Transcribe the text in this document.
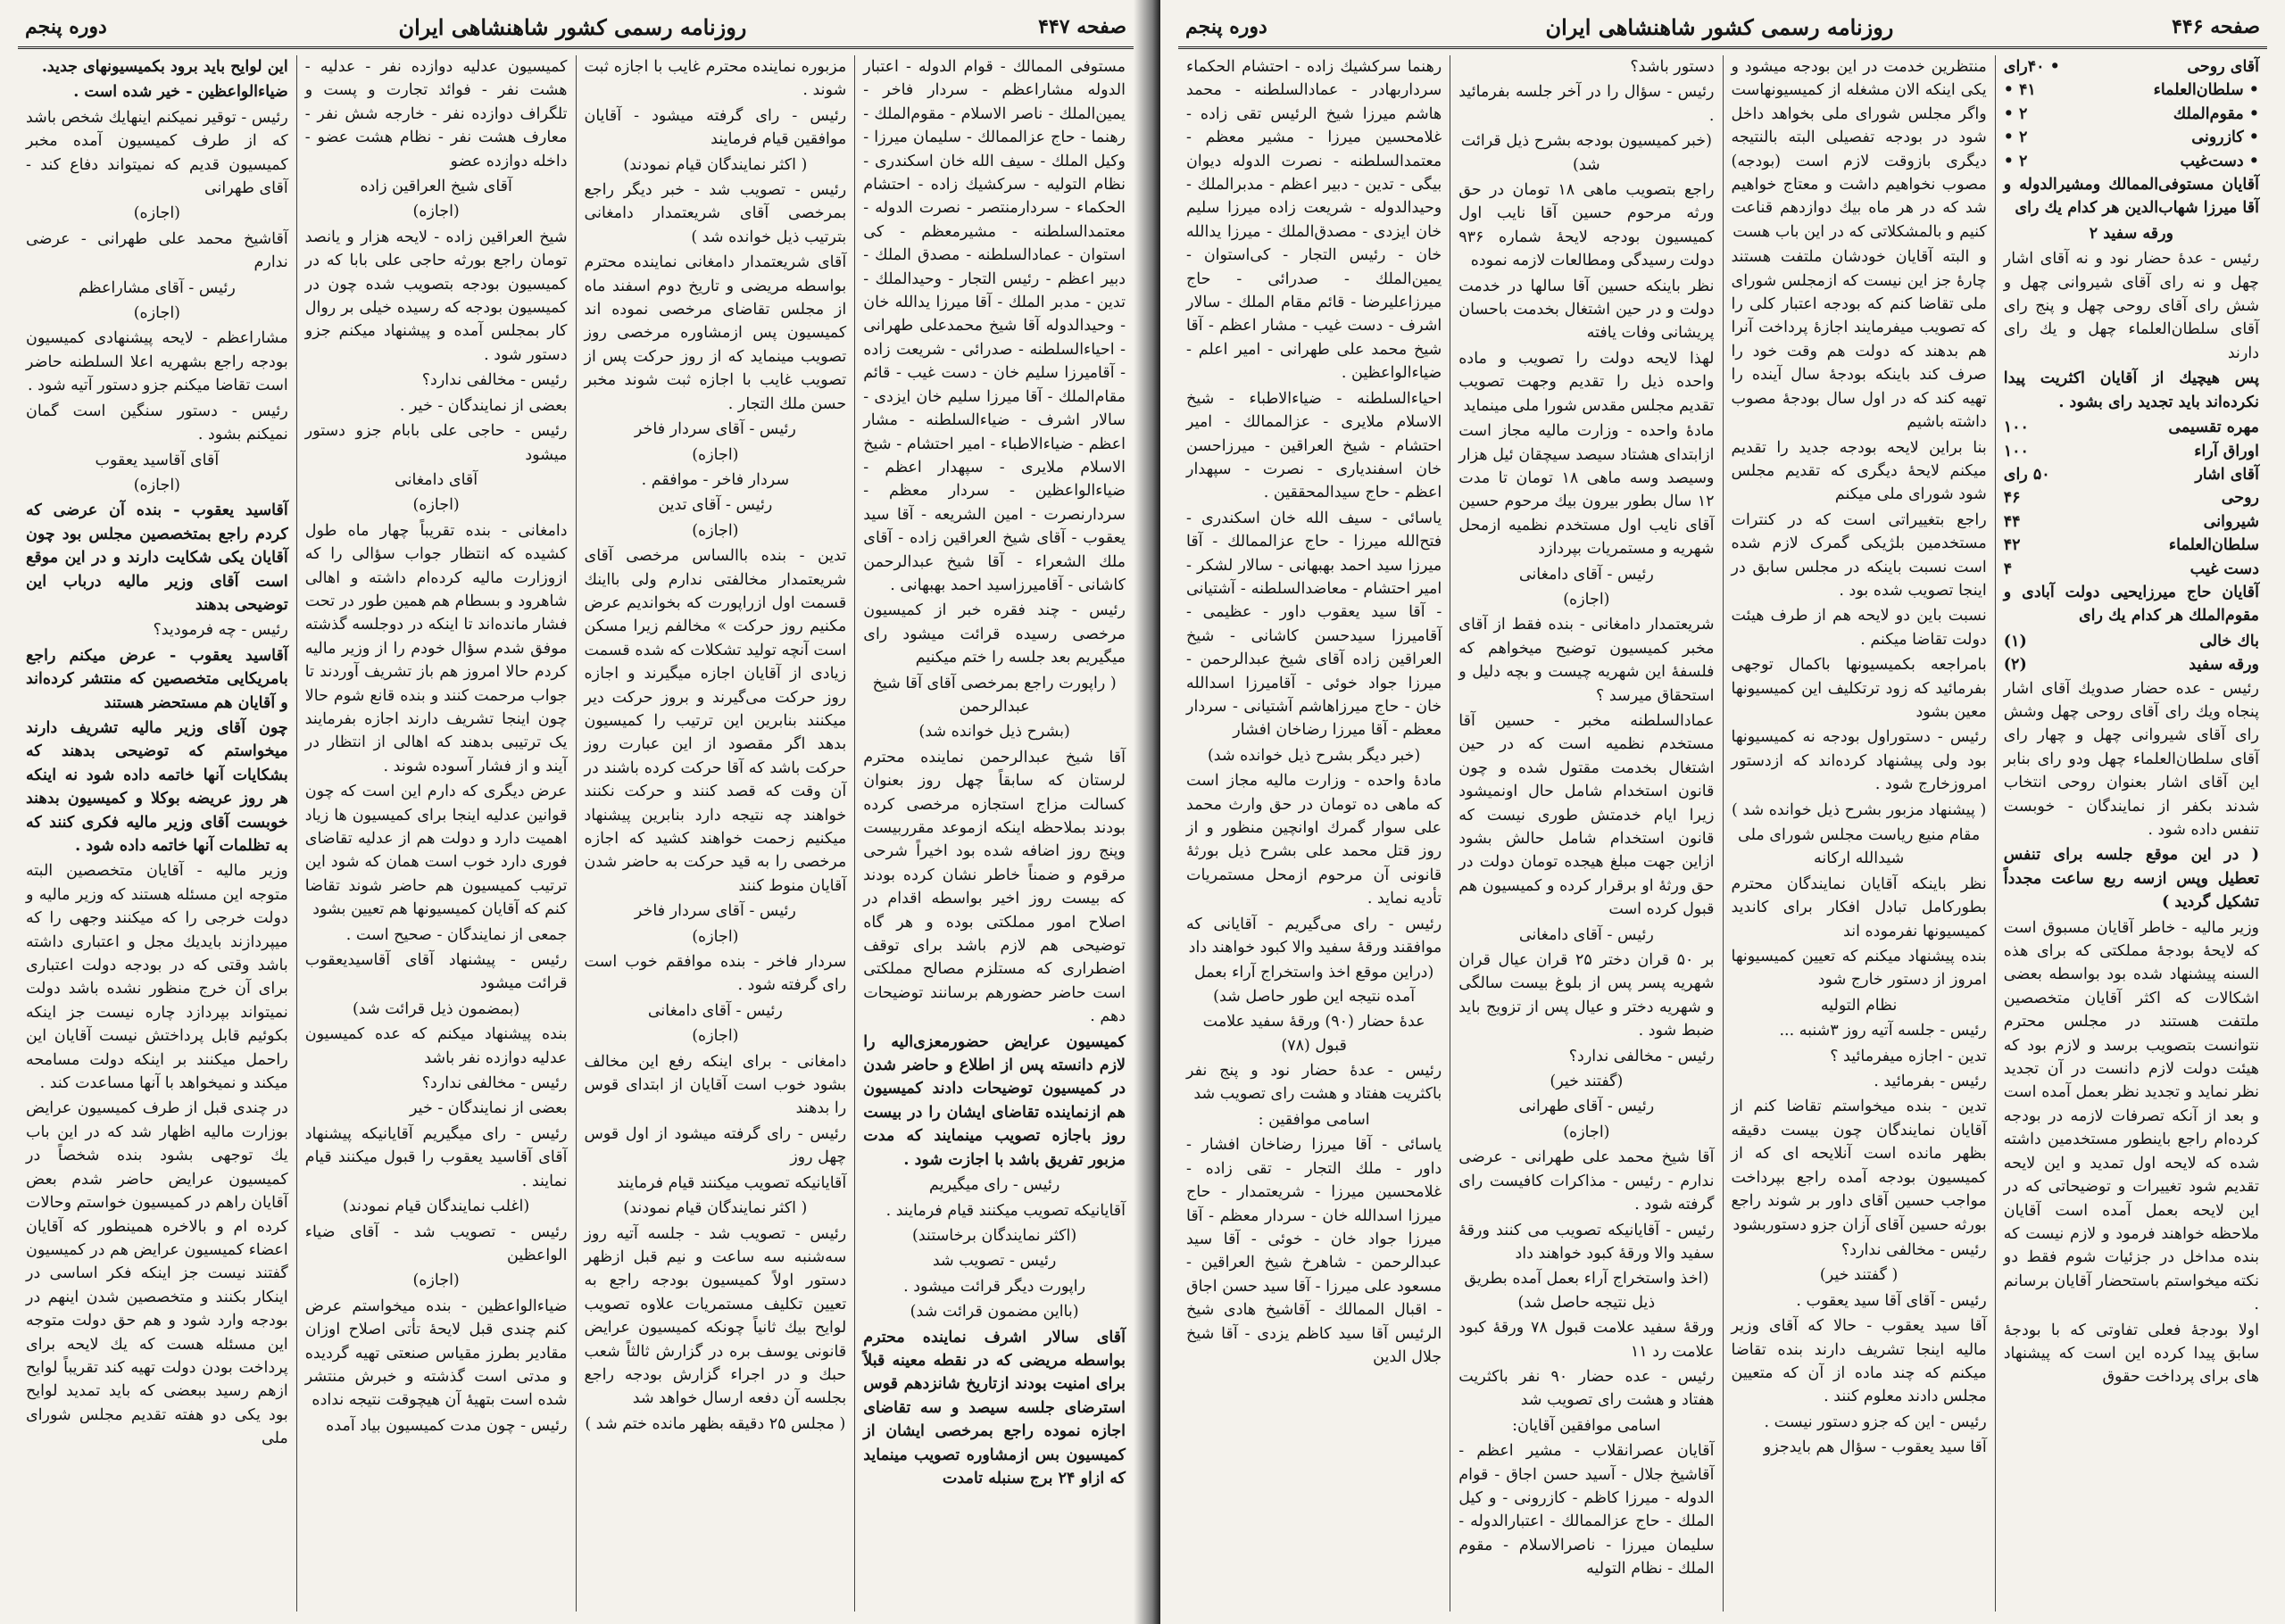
صفحه ۴۴۷
روزنامه رسمی کشور شاهنشاهی ایران
دوره پنجم

مستوفی الممالك - قوام الدوله - اعتبار الدوله مشاراعظم - سردار فاخر - یمین‌الملك - ناصر الاسلام - مقوم‌الملك - رهنما - حاج عزالممالك - سلیمان میرزا - وکیل الملك - سیف الله خان اسکندری - نظام التولیه - سرکشیك زاده - احتشام الحکماء - سردارمنتصر - نصرت الدوله - معتمدالسلطنه - مشیرمعظم - کی استوان - عمادالسلطنه - مصدق الملك - دبیر اعظم - رئیس التجار - وحیدالملك - تدین - مدبر الملك - آقا میرزا یدالله خان - وحیدالدوله آقا شیخ محمدعلی طهرانی - احیاءالسلطنه - صدرائی - شریعت زاده - آقامیرزا سلیم خان - دست غیب - قائم مقام‌الملك - آقا میرزا سلیم خان ایزدی - سالار اشرف - ضیاءالسلطنه - مشار اعظم - ضیاءالاطباء - امیر احتشام - شیخ الاسلام ملایری - سپهدار اعظم - ضیاءالواعظین - سردار معظم - سردارنصرت - امین الشریعه - آقا سید یعقوب - آقای شیخ العراقین زاده - آقای ملك الشعراء - آقا شیخ عبدالرحمن کاشانی - آقامیرزاسید احمد بهبهانی .

رئیس - چند فقره خبر از کمیسیون مرخصی رسیده قرائت میشود رای میگیریم بعد جلسه را ختم میکنیم

( راپورت راجع بمرخصی آقای آقا شیخ عبدالرحمن

(بشرح ذیل خوانده شد)

آقا شیخ عبدالرحمن نماینده محترم لرستان که سابقاً چهل روز بعنوان کسالت مزاج استجازه مرخصی کرده بودند بملاحظه اینکه ازموعد مقرربیست وپنج روز اضافه شده بود اخیراً شرحی مرقوم و ضمناً خاطر نشان کرده بودند که بیست روز اخیر بواسطه اقدام در اصلاح امور مملکتی بوده و هر گاه توضیحی هم لازم باشد برای توقف اضطراری که مستلزم مصالح مملکتی است حاضر حضورهم برسانند توضیحات دهم .

کمیسیون عرایض حضورمعزی‌الیه را لازم دانسته پس از اطلاع و حاضر شدن در کمیسیون توضیحات دادند کمیسیون هم ازنماینده تقاضای ایشان را در بیست روز باجازه تصویب مینمایند که مدت مزبور تفریق باشد با اجازت شود .

رئیس - رای میگیریم

آقایانیکه تصویب میکنند قیام فرمایند .

(اکثر نمایندگان برخاستند)

رئیس - تصویب شد

راپورت دیگر قرائت میشود .

(بااین مضمون قرائت شد)

آقای سالار اشرف نماینده محترم بواسطه مریضی که در نقطه معینه قبلاً برای امنیت بودند ازتاریخ شانزدهم قوس استرضای جلسه سیصد و سه تقاضای اجازه نموده راجع بمرخصی ایشان از کمیسیون بس ازمشاوره تصویب مینماید که ازاو ۲۴ برج سنبله تامدت

مزبوره نماینده محترم غایب با اجازه ثبت شوند .

رئیس - رای گرفته میشود - آقایان موافقین قیام فرمایند

( اکثر نمایندگان قیام نمودند)

رئیس - تصویب شد - خبر دیگر راجع بمرخصی آقای شریعتمدار دامغانی بترتیب ذیل خوانده شد )

آقای شریعتمدار دامغانی نماینده محترم بواسطه مریضی و تاریخ دوم اسفند ماه از مجلس تقاضای مرخصی نموده اند کمیسیون پس ازمشاوره مرخصی روز تصویب مینماید که از روز حرکت پس از تصویب غایب با اجازه ثبت شوند مخبر حسن ملك التجار .

رئیس - آقای سردار فاخر

(اجازه)

سردار فاخر - موافقم .

رئیس - آقای تدین

(اجازه)

تدین - بنده باالساس مرخصی آقای شریعتمدار مخالفتی ندارم ولی بااینك قسمت اول ازراپورت که بخواندیم عرض مکنیم روز حرکت » مخالفم زیرا مسکن است آنچه تولید تشکلات که شده قسمت زیادی از آقایان اجازه میگیرند و اجازه روز حرکت می‌گیرند و بروز حرکت دیر میکنند بنابرین این ترتیب را کمیسیون بدهد اگر مقصود از این عبارت روز حرکت باشد که آقا حرکت کرده باشند در آن وقت که قصد کنند و حرکت نکنند خواهند چه نتیجه دارد بنابرین پیشنهاد میکنیم زحمت خواهند کشید که اجازه مرخصی را به قید حرکت به حاضر شدن آقایان منوط کنند

رئیس - آقای سردار فاخر

(اجازه)

سردار فاخر - بنده موافقم خوب است رای گرفته شود .

رئیس - آقای دامغانی

(اجازه)

دامغانی - برای اینکه رفع این مخالف بشود خوب است آقایان از ابتدای قوس را بدهند

رئیس - رای گرفته میشود از اول قوس چهل روز

آقایانیکه تصویب میکنند قیام فرمایند

( اکثر نمایندگان قیام نمودند)

رئیس - تصویب شد - جلسه آتیه روز سه‌شنبه سه ساعت و نیم قبل ازظهر دستور اولاً کمیسیون بودجه راجع به تعیین تکلیف مستمریات علاوه تصویب لوایح بیك ثانیاً چونكه كمیسیون عرایض قانونی یوسف بره در گزارش ثالثاً شعب حبك و در اجراء گزارش بودجه راجع بجلسه آن دفعه ارسال خواهد شد

( مجلس ۲۵ دقیقه بظهر مانده ختم شد )

کمیسیون عدلیه دوازده نفر - عدلیه - هشت نفر - فوائد تجارت و پست و تلگراف دوازده نفر - خارجه شش نفر - معارف هشت نفر - نظام هشت عضو - داخله دوازده عضو

آقای شیخ العراقین زاده

(اجازه)

شیخ العراقین زاده - لایحه هزار و یانصد تومان راجع بورثه حاجی علی بابا که در کمیسیون بودجه بتصویب شده چون در کمیسیون بودجه که رسیده خیلی بر روال کار بمجلس آمده و پیشنهاد میکنم جزو دستور شود .

رئیس - مخالفی ندارد؟

بعضی از نمایندگان - خیر .

رئیس - حاجی علی بابام جزو دستور میشود

آقای دامغانی

(اجازه)

دامغانی - بنده تقریباً چهار ماه طول کشیده که انتظار جواب سؤالی را که ازوزارت مالیه کرده‌ام داشته و اهالی شاهرود و بسطام هم همین طور در تحت فشار مانده‌اند تا اینکه در دوجلسه گذشته موفق شدم سؤال خودم را از وزیر مالیه کردم حالا امروز هم باز تشریف آوردند تا جواب مرحمت کنند و بنده قانع شوم حالا چون اینجا تشریف دارند اجازه بفرمایند یک ترتیبی بدهند که اهالی از انتظار در آیند و از فشار آسوده شوند .

عرض دیگری که دارم این است که چون قوانین عدلیه اینجا برای کمیسیون ها زیاد اهمیت دارد و دولت هم از عدلیه تقاضای فوری دارد خوب است همان که شود این ترتیب کمیسیون هم حاضر شوند تقاضا کنم که آقایان کمیسیونها هم تعیین بشود

جمعی از نمایندگان - صحیح است .

رئیس - پیشنهاد آقای آقاسیدیعقوب قرائت میشود

(بمضمون ذیل قرائت شد)

بنده پیشنهاد میکنم که عده کمیسیون عدلیه دوازده نفر باشد

رئیس - مخالفی ندارد؟

بعضی از نمایندگان - خیر

رئیس - رای میگیریم آقایانیکه پیشنهاد آقای آقاسید یعقوب را قبول میکنند قیام نمایند .

(اغلب نمایندگان قیام نمودند)

رئیس - تصویب شد - آقای ضیاء الواعظین

(اجازه)

ضیاءالواعظین - بنده میخواستم عرض کنم چندی قبل لایحهٔ تأتی اصلاح اوزان مقادیر بطرز مقیاس صنعتی تهیه گردیده و مدتی است گذشته و خبرش منتشر شده است بتهیهٔ آن هیچوقت نتیجه نداده

رئیس - چون مدت کمیسیون بیاد آمده

این لوایح باید برود بکمیسیونهای جدید.

ضیاءالواعظین - خیر شده است .

رئیس - توقیر نمیکنم اینهایك شخص باشد که از طرف کمیسیون آمده مخبر کمیسیون قدیم که نمیتواند دفاع کند - آقای طهرانی

(اجازه)

آقاشیخ محمد علی طهرانی - عرضی ندارم

رئیس - آقای مشاراعظم

(اجازه)

مشاراعظم - لایحه پیشنهادی کمیسیون بودجه راجع بشهریه اعلا السلطنه حاضر است تقاضا میکنم جزو دستور آتیه شود .

رئیس - دستور سنگین است گمان نمیکنم بشود .

آقای آقاسید یعقوب

(اجازه)

آقاسید یعقوب - بنده آن عرضی که کردم راجع بمتخصصین مجلس بود چون آقایان یکی شکایت دارند و در این موقع است آقای وزیر مالیه درباب این توضیحی بدهند

رئیس - چه فرمودید؟

آقاسید یعقوب - عرض میکنم راجع بامریکایی متخصصین که منتشر کرده‌اند و آقایان هم مستحضر هستند

چون آقای وزیر مالیه تشریف دارند میخواستم که توضیحی بدهند که بشکایات آنها خاتمه داده شود نه اینکه هر روز عریضه بوکلا و کمیسیون بدهند خوبست آقای وزیر مالیه فکری کنند که به تظلمات آنها خاتمه داده شود .

وزیر مالیه - آقایان متخصصین البته متوجه این مسئله هستند که وزیر مالیه و دولت خرجی را که میکنند وجهی را که میپردازند بایدیك مجل و اعتباری داشته باشد وقتی که در بودجه دولت اعتباری برای آن خرج منظور نشده باشد دولت نمیتواند بپردازد چاره نیست جز اینکه بکوئیم قابل پرداختش نیست آقایان این راحمل میکنند بر اینکه دولت مسامحه میکند و نمیخواهد با آنها مساعدت کند .

در چندی قبل از طرف کمیسیون عرایض بوزارت مالیه اظهار شد که در این باب یك توجهی بشود بنده شخصاً در کمیسیون عرایض حاضر شدم بعض آقایان راهم در کمیسیون خواستم وحالات کرده ام و بالاخره همینطور که آقایان اعضاء کمیسیون عرایض هم در کمیسیون گفتند نیست جز اینکه فکر اساسی در اینکار بکنند و متخصصین شدن اینهم در بودجه وارد شود و هم حق دولت متوجه این مسئله هست که یك لایحه برای پرداخت بودن دولت تهیه کند تقریباً لوایح ازهم رسید ببعضی که باید تمدید لوایح بود یکی دو هفته تقدیم مجلس شورای ملی

صفحه ۴۴۶
روزنامه رسمی کشور شاهنشاهی ایران
دوره پنجم
آقای روحی
• ۴۰رای
• سلطان‌العلماء
۴۱ •
• مقوم‌الملك
۲ •
• كازرونی
۲ •
• دست‌غیب
۲ •

آقایان مستوفی‌الممالك ومشیرالدوله و آقا میرزا شهاب‌الدین هر کدام یك رای

ورقه سفید ۲

رئیس - عدهٔ حضار نود و نه آقای اشار چهل و نه رای آقای شیروانی چهل و شش رای آقای روحی چهل و پنج رای آقای سلطان‌العلماء چهل و یك رای دارند

پس هیچیك از آقایان اکثریت پیدا نکرده‌اند باید تجدید رای بشود .

مهره تقسیمی
۱۰۰
اوراق آراء
۱۰۰
آقای اشار
۵۰ رای
روحی
۴۶
شیروانی
۴۴
سلطان‌العلماء
۴۲
دست غیب
۴

آقایان حاج میرزایحیی دولت آبادی و مقوم‌الملك هر كدام یك رای

باك خالی
(۱)
ورقه سفید
(۲)

رئیس - عده حضار صدویك آقای اشار پنجاه ویك رای آقای روحی چهل وشش رای آقای شیروانی چهل و چهار رای آقای سلطان‌العلماء چهل ودو رای بنابر این آقای اشار بعنوان روحی انتخاب شدند بکفر از نمایندگان - خوبست تنفس داده شود .

( در این موقع جلسه برای تنفس تعطیل وپس ازسه ربع ساعت مجدداً تشکیل گردید )

وزیر مالیه - خاطر آقایان مسبوق است که لایحهٔ بودجهٔ مملکتی که برای هذه السنه پیشنهاد شده بود بواسطه بعضی اشکالات که اکثر آقایان متخصصین ملتفت هستند در مجلس محترم نتوانست بتصویب برسد و لازم بود که هیئت دولت لازم دانست در آن تجدید نظر نماید و تجدید نظر بعمل آمده است و بعد از آنکه تصرفات لازمه در بودجه کرده‌ام راجع باینطور مستخدمین داشته شده که لایحه اول تمدید و این لایحه تقدیم شود تغییرات و توضیحاتی که در این لایحه بعمل آمده است آقایان ملاحظه خواهند فرمود و لازم نیست که بنده مداخل در جزئیات شوم فقط دو نکته میخواستم باستحضار آقایان برسانم .

اولا بودجهٔ فعلی تفاوتی که با بودجهٔ سابق پیدا کرده این است که پیشنهاد های برای پرداخت حقوق

منتظرین خدمت در این بودجه میشود و یکی اینکه الان مشغله از کمیسیونهاست واگر مجلس شورای ملی بخواهد داخل شود در بودجه تفصیلی البته بالنتیجه دیگری بازوقت لازم است (بودجه) مصوب نخواهیم داشت و معتاج خواهیم شد که در هر ماه بیك دوازدهم قناعت کنیم و بالمشکلاتی که در این باب هست

و البته آقایان خودشان ملتفت هستند چارهٔ جز این نیست که ازمجلس شورای ملی تقاضا کنم که بودجه اعتبار کلی را که تصویب میفرمایند اجازهٔ پرداخت آنرا هم بدهند که دولت هم وقت خود را صرف کند باینکه بودجهٔ سال آینده را تهیه کند که در اول سال بودجهٔ مصوب داشته باشیم

بنا براین لایحه بودجه جدید را تقدیم میکنم لایحهٔ دیگری که تقدیم مجلس شود شورای ملی میکنم

راجع بتغییراتی است که در کنترات مستخدمین بلژیکی گمرک لازم شده است نسبت باینکه در مجلس سابق در اینجا تصویب شده بود .

نسبت باین دو لایحه هم از طرف هیئت دولت تقاضا میکنم .

بامراجعه بکمیسیونها باکمال توجهی بفرمائید که زود ترتکلیف این کمیسیونها معین بشود

رئیس - دستوراول بودجه نه کمیسیونها بود ولی پیشنهاد کرده‌اند که ازدستور امروزخارج شود .

( پیشنهاد مزبور بشرح ذیل خوانده شد )

مقام منیع ریاست مجلس شورای ملی شیدالله ارکانه

نظر باینکه آقایان نمایندگان محترم بطورکامل تبادل افکار برای کاندید کمیسیونها نفرموده اند

بنده پیشنهاد میکنم که تعیین کمیسیونها امروز از دستور خارج شود

نظام التولیه

رئیس - جلسه آتیه روز ۳شنبه ...

تدین - اجازه میفرمائید ؟

رئیس - بفرمائید .

تدین - بنده میخواستم تقاضا کنم از آقایان نمایندگان چون بیست دقیقه بظهر مانده است آنلایحه ای که از کمیسیون بودجه آمده راجع بپرداخت مواجب حسین آقای داور بر شوند راجع بورثه حسین آقای آزان جزو دستوربشود

رئیس - مخالفی ندارد؟

( گفتند خیر)

رئیس - آقای آقا سید یعقوب .

آقا سید یعقوب - حالا که آقای وزیر مالیه اینجا تشریف دارند بنده تقاضا میکنم که چند ماده از آن که متعیین مجلس دادند معلوم کنند .

رئیس - این که جزو دستور نیست .

آقا سید یعقوب - سؤال هم بایدجزو

دستور باشد؟

رئیس - سؤال را در آخر جلسه بفرمائید .

(خبر کمیسیون بودجه بشرح ذیل قرائت شد)

راجع بتصویب ماهی ۱۸ تومان در حق ورثه مرحوم حسین آقا نایب اول کمیسیون بودجه لایحهٔ شماره ۹۳۶ دولت رسیدگی ومطالعات لازمه نموده

نظر باینکه حسین آقا سالها در خدمت دولت و در حین اشتغال بخدمت باحسان پریشانی وفات یافته

لهذا لایحه دولت را تصویب و ماده واحده ذیل را تقدیم وجهت تصویب تقدیم مجلس مقدس شورا ملی مینماید

مادهٔ واحده - وزارت مالیه مجاز است ازابتدای هشتاد سیصد سیچقان ئیل هزار وسیصد وسه ماهی ۱۸ تومان تا مدت ۱۲ سال بطور بیرون بیك مرحوم حسین آقای نایب اول مستخدم نظمیه ازمحل شهریه و مستمریات بپردازد

رئیس - آقای دامغانی

(اجازه)

شریعتمدار دامغانی - بنده فقط از آقای مخبر کمیسیون توضیح میخواهم که فلسفهٔ این شهریه چیست و بچه دلیل و استحقاق میرسد ؟

عمادالسلطنه مخبر - حسین آقا مستخدم نظمیه است که در حین اشتغال بخدمت مقتول شده و چون قانون استخدام شامل حال اونمیشود زیرا ایام خدمتش طوری نیست که قانون استخدام شامل حالش بشود ازاین جهت مبلغ هیجده تومان دولت در حق ورثهٔ او برقرار کرده و کمیسیون هم قبول کرده است

رئیس - آقای دامغانی

بر ۵۰ قران دختر ۲۵ قران عیال قران شهریه پسر پس از بلوغ بیست سالگی و شهریه دختر و عیال پس از تزویج باید ضبط شود .

رئیس - مخالفی ندارد؟

(گفتند خیر)

رئیس - آقای طهرانی

(اجازه)

آقا شیخ محمد علی طهرانی - عرضی ندارم - رئیس - مذاکرات کافیست رای گرفته شود .

رئیس - آقایانیکه تصویب می کنند ورقهٔ سفید والا ورقهٔ کبود خواهند داد

(اخذ واستخراج آراء بعمل آمده بطریق ذیل نتیجه حاصل شد)

ورقهٔ سفید علامت قبول ۷۸ ورقهٔ کبود علامت رد ۱۱

رئیس - عده حضار ۹۰ نفر باکثریت هفتاد و هشت رای تصویب شد

اسامی موافقین آقایان:

آقایان عصرانقلاب - مشیر اعظم - آقاشیخ جلال - آسید حسن اجاق - قوام الدوله - میرزا کاظم - کازرونی - و کیل الملك - حاج عزالممالك - اعتبارالدوله - سلیمان میرزا - ناصرالاسلام - مقوم الملك - نظام التولیه

رهنما سرکشیك زاده - احتشام الحکماء سرداربهادر - عمادالسلطنه - محمد هاشم میرزا شیخ الرئیس تقی زاده - غلامحسین میرزا - مشیر معظم - معتمدالسلطنه - نصرت الدوله دیوان بیگی - تدین - دبیر اعظم - مدبرالملك - وحیدالدوله - شریعت زاده میرزا سلیم خان ایزدی - مصدق‌الملك - میرزا یدالله خان - رئیس التجار - کی‌استوان - یمین‌الملك - صدرائی - حاج میرزاعلیرضا - قائم مقام الملك - سالار اشرف - دست غیب - مشار اعظم - آقا شیخ محمد علی طهرانی - امیر اعلم - ضیاءالواعظین .

احیاءالسلطنه - ضیاءالاطباء - شیخ الاسلام ملایری - عزالممالك - امیر احتشام - شیخ العراقین - میرزاحسن خان اسفندیاری - نصرت - سپهدار اعظم - حاج سیدالمحققین .

یاسائی - سیف الله خان اسکندری - فتح‌الله میرزا - حاج عزالممالك - آقا میرزا سید احمد بهبهانی - سالار لشکر - امیر احتشام - معاضدالسلطنه - آشتیانی - آقا سید یعقوب داور - عظیمی - آقامیرزا سیدحسن کاشانی - شیخ العراقین زاده آقای شیخ عبدالرحمن - میرزا جواد خوئی - آقامیرزا اسدالله خان - حاج میرزاهاشم آشتیانی - سردار معظم - آقا میرزا رضاخان افشار

(خبر دیگر بشرح ذیل خوانده شد)

مادهٔ واحده - وزارت مالیه مجاز است که ماهی ده تومان در حق وارث محمد علی سوار گمرك اوانچین منظور و از روز قتل محمد علی بشرح ذیل بورثهٔ قانونی آن مرحوم ازمحل مستمریات تأدیه نماید .

رئیس - رای می‌گیریم - آقایانی که موافقند ورقهٔ سفید والا کبود خواهند داد

(دراین موقع اخذ واستخراج آراء بعمل آمده نتیجه این طور حاصل شد)

عدهٔ حضار (۹۰) ورقهٔ سفید علامت قبول (۷۸)

رئیس - عدهٔ حضار نود و پنج نفر باکثریت هفتاد و هشت رای تصویب شد

اسامی موافقین :

یاسائی - آقا میرزا رضاخان افشار - داور - ملك التجار - تقی زاده - غلامحسین میرزا - شریعتمدار - حاج میرزا اسدالله خان - سردار معظم - آقا میرزا جواد خان - خوئی - آقا سید عبدالرحمن - شاهرخ شیخ العراقین - مسعود علی میرزا - آقا سید حسن اجاق - اقبال الممالك - آقاشیخ هادی شیخ الرئیس آقا سید کاظم یزدی - آقا شیخ جلال الدین
